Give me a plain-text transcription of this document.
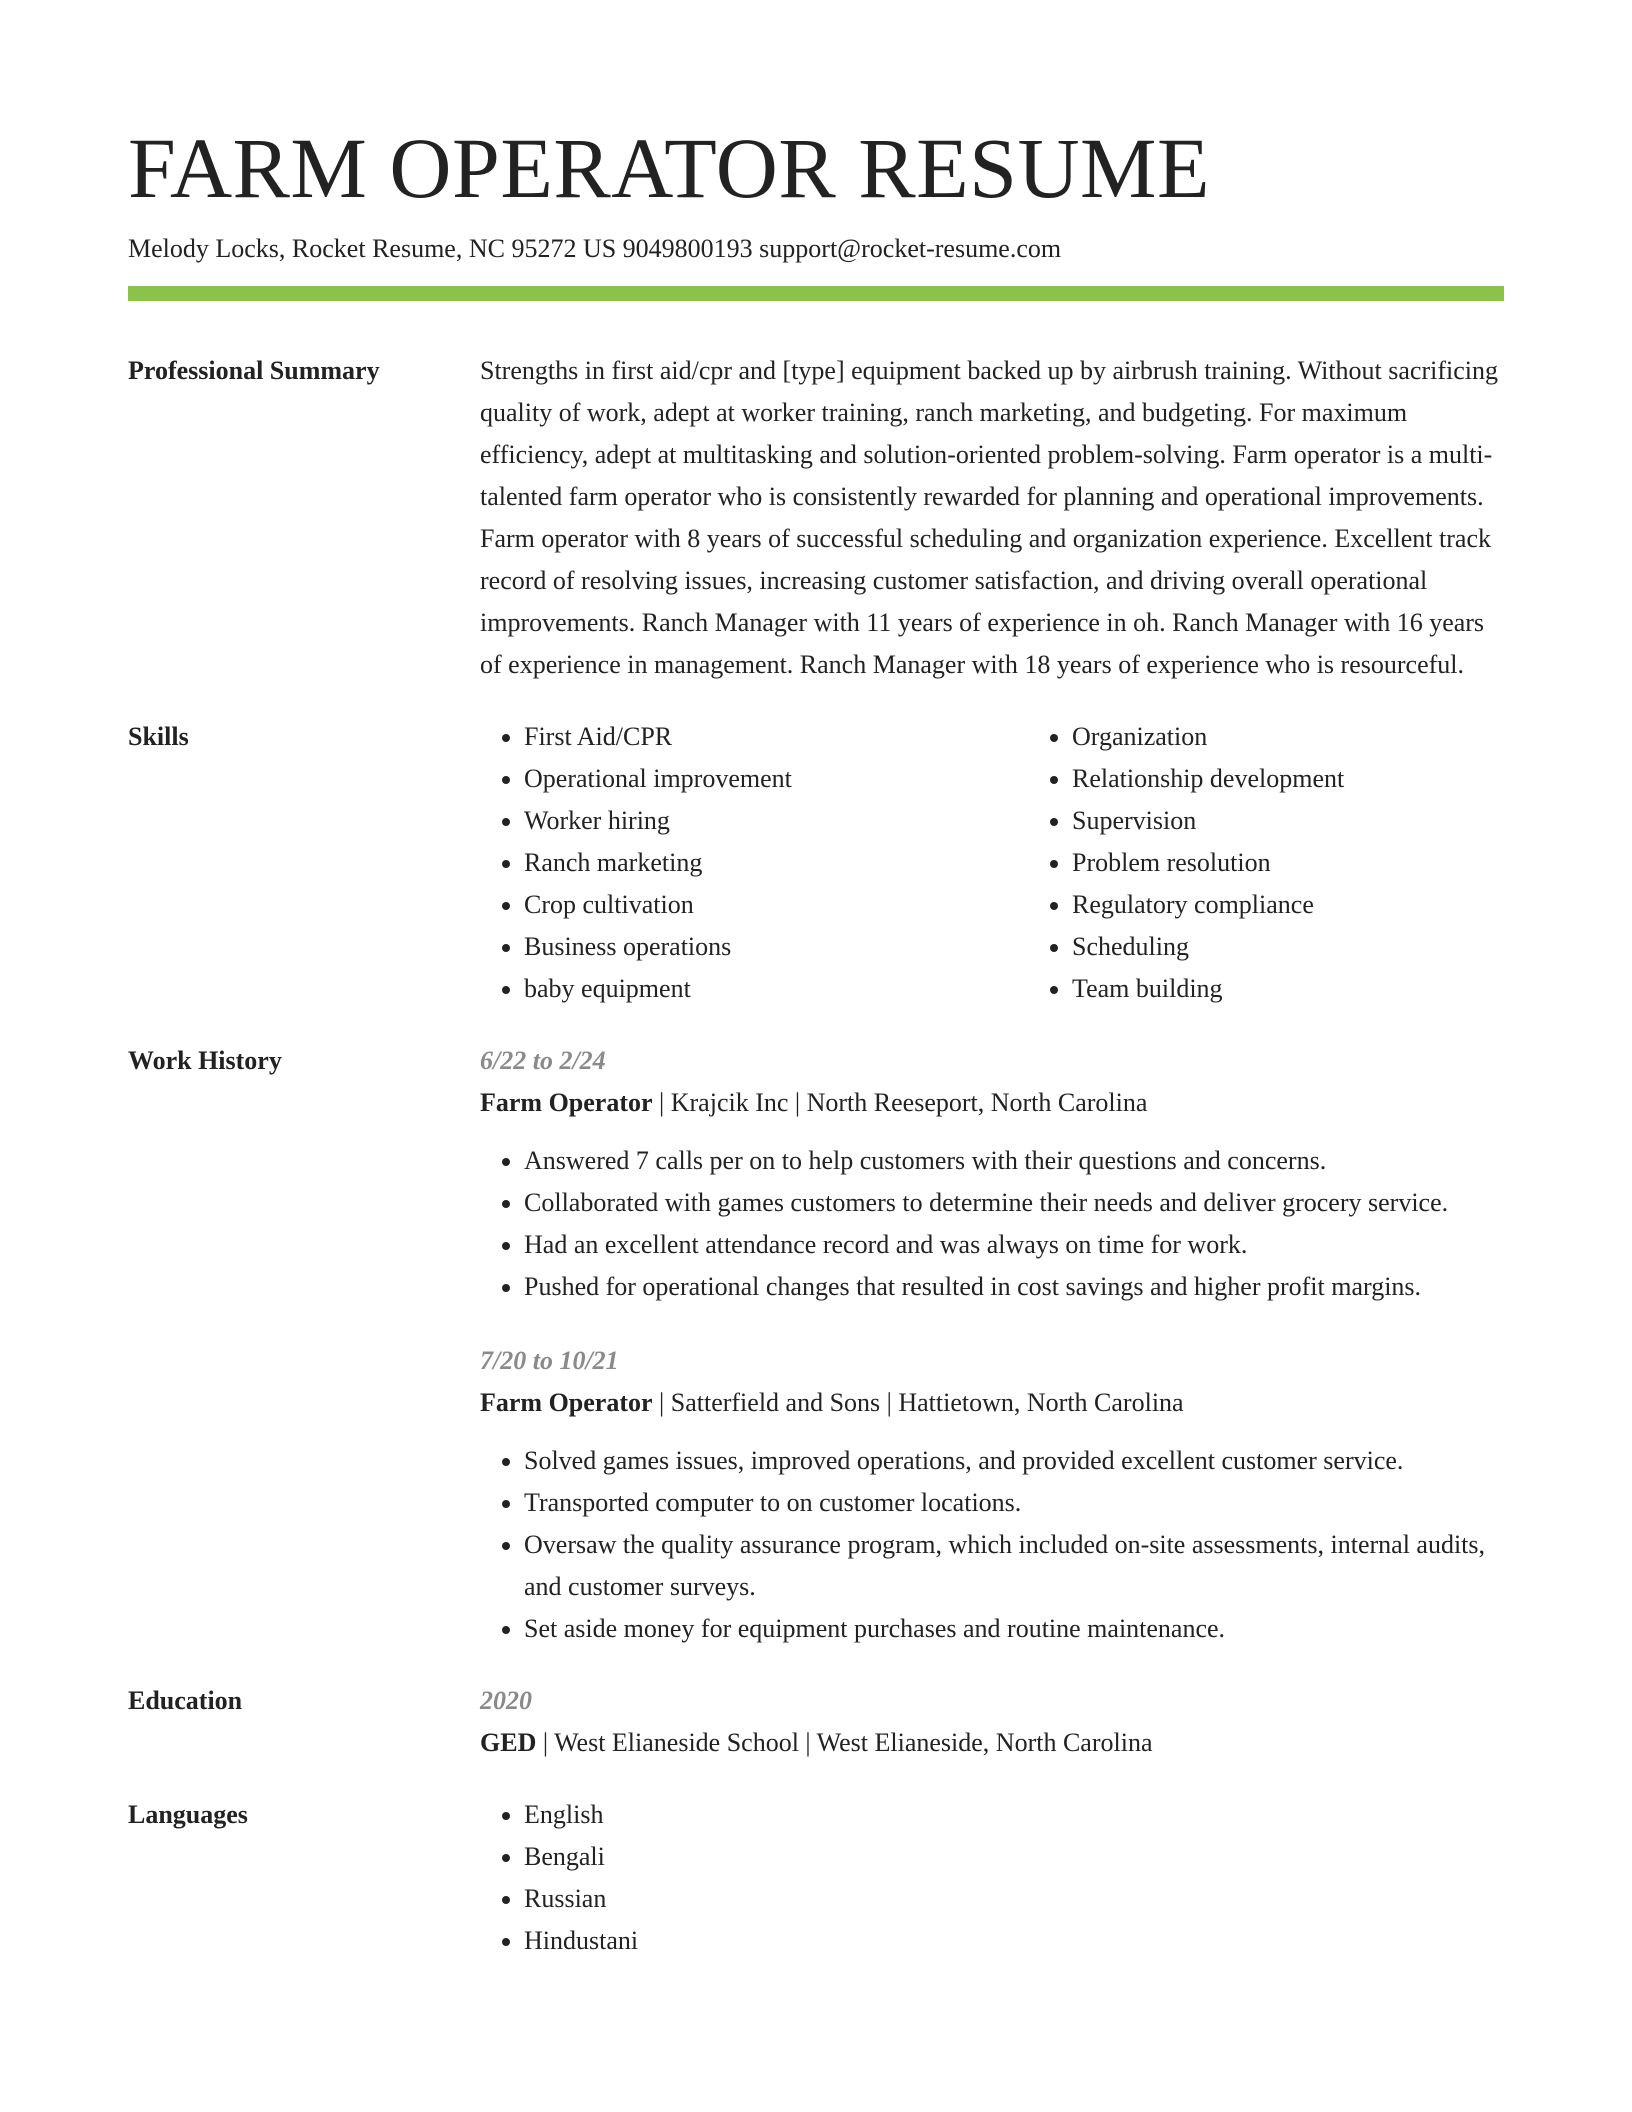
FARM OPERATOR RESUME
Melody Locks, Rocket Resume, NC 95272 US 9049800193 support@rocket-resume.com
Professional Summary	Strengths in first aid/cpr and [type] equipment backed up by airbrush training. Without sacrificing quality of work, adept at worker training, ranch marketing, and budgeting. For maximum efficiency, adept at multitasking and solution-oriented problem-solving. Farm operator is a multi-talented farm operator who is consistently rewarded for planning and operational improvements. Farm operator with 8 years of successful scheduling and organization experience. Excellent track record of resolving issues, increasing customer satisfaction, and driving overall operational improvements. Ranch Manager with 11 years of experience in oh. Ranch Manager with 16 years of experience in management. Ranch Manager with 18 years of experience who is resourceful.

Skills	• First Aid/CPR
• Operational improvement
• Worker hiring
• Ranch marketing
• Crop cultivation
• Business operations
• baby equipment
• Organization
• Relationship development
• Supervision
• Problem resolution
• Regulatory compliance
• Scheduling
• Team building
Work History	6/22 to 2/24
Farm Operator | Krajcik Inc | North Reeseport, North Carolina
• Answered 7 calls per on to help customers with their questions and concerns.
• Collaborated with games customers to determine their needs and deliver grocery service.
• Had an excellent attendance record and was always on time for work.
• Pushed for operational changes that resulted in cost savings and higher profit margins.
7/20 to 10/21
Farm Operator | Satterfield and Sons | Hattietown, North Carolina
• Solved games issues, improved operations, and provided excellent customer service.
• Transported computer to on customer locations.
• Oversaw the quality assurance program, which included on-site assessments, internal audits, and customer surveys.
• Set aside money for equipment purchases and routine maintenance.
Education	2020
GED | West Elianeside School | West Elianeside, North Carolina
Languages	• English
• Bengali
• Russian
• Hindustani
